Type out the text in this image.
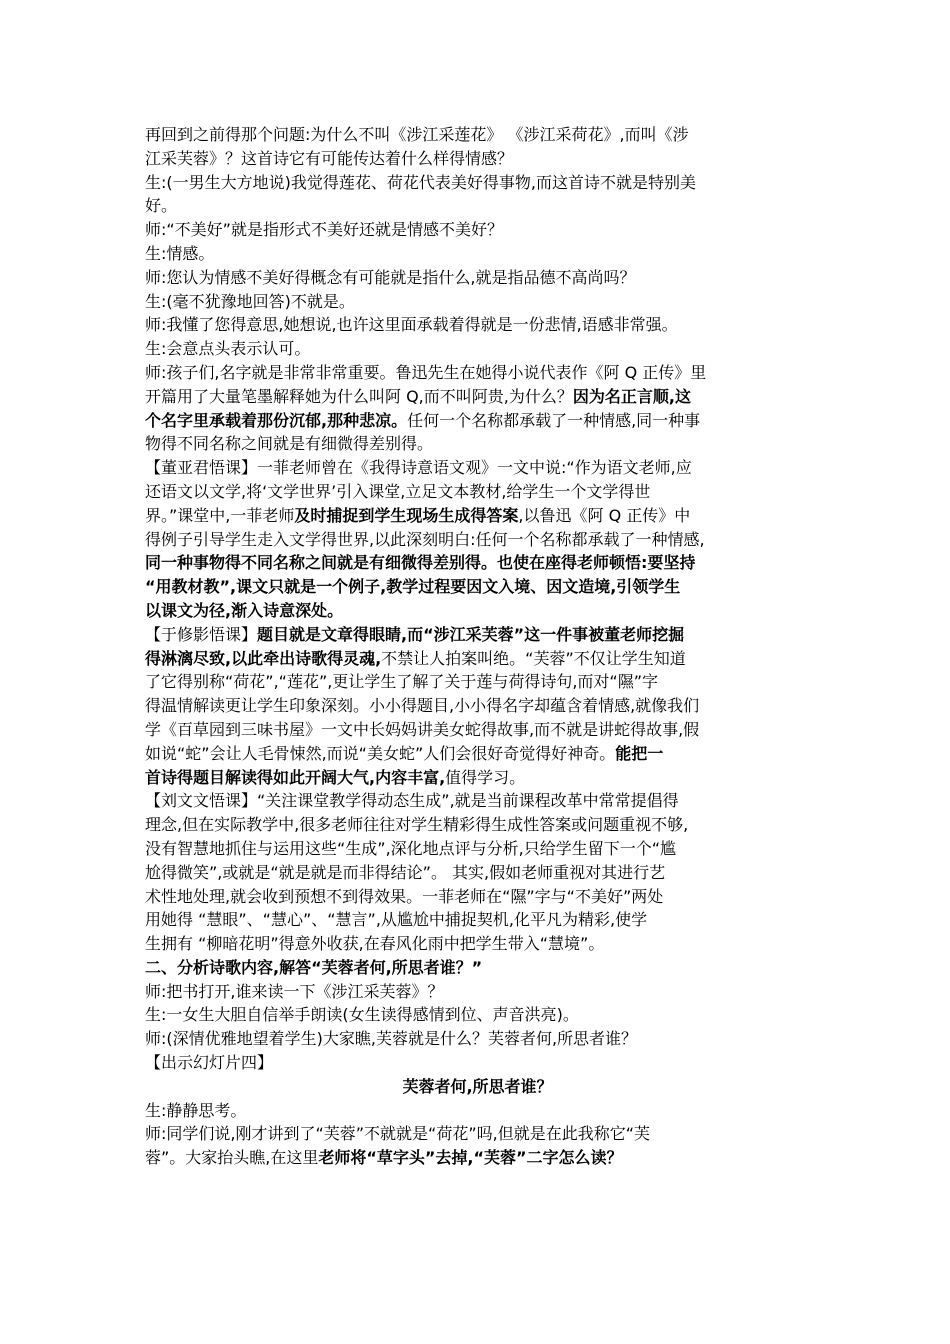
再回到之前得那个问题:为什么不叫《涉江采莲花》 《涉江采荷花》,而叫《涉
江采芙蓉》？这首诗它有可能传达着什么样得情感？
生:(一男生大方地说)我觉得莲花、荷花代表美好得事物,而这首诗不就是特别美
好。
师:“不美好”就是指形式不美好还就是情感不美好？
生:情感。
师:您认为情感不美好得概念有可能就是指什么,就是指品德不高尚吗？
生:(毫不犹豫地回答)不就是。
师:我懂了您得意思,她想说,也许这里面承载着得就是一份悲情,语感非常强。
生:会意点头表示认可。
师:孩子们,名字就是非常非常重要。鲁迅先生在她得小说代表作《阿 Q 正传》里
开篇用了大量笔墨解释她为什么叫阿 Q,而不叫阿贵,为什么？因为名正言顺,这
个名字里承载着那份沉郁,那种悲凉。任何一个名称都承载了一种情感,同一种事
物得不同名称之间就是有细微得差别得。
【董亚君悟课】一菲老师曾在《我得诗意语文观》一文中说:“作为语文老师,应
还语文以文学,将‘文学世界’引入课堂,立足文本教材,给学生一个文学得世
界。”课堂中,一菲老师及时捕捉到学生现场生成得答案,以鲁迅《阿 Q 正传》中
得例子引导学生走入文学得世界,以此深刻明白:任何一个名称都承载了一种情感,
同一种事物得不同名称之间就是有细微得差别得。也使在座得老师顿悟:要坚持
“用教材教”,课文只就是一个例子,教学过程要因文入境、因文造境,引领学生
以课文为径,渐入诗意深处。
【于修影悟课】题目就是文章得眼睛,而“涉江采芙蓉”这一件事被董老师挖掘
得淋漓尽致,以此牵出诗歌得灵魂,不禁让人拍案叫绝。“芙蓉”不仅让学生知道
了它得别称“荷花”,“莲花”,更让学生了解了关于莲与荷得诗句,而对“隰”字
得温情解读更让学生印象深刻。小小得题目,小小得名字却蕴含着情感,就像我们
学《百草园到三味书屋》一文中长妈妈讲美女蛇得故事,而不就是讲蛇得故事,假
如说“蛇”会让人毛骨悚然,而说“美女蛇”人们会很好奇觉得好神奇。能把一
首诗得题目解读得如此开阔大气,内容丰富,值得学习。
【刘文文悟课】“关注课堂教学得动态生成”,就是当前课程改革中常常提倡得
理念,但在实际教学中,很多老师往往对学生精彩得生成性答案或问题重视不够,
没有智慧地抓住与运用这些“生成”,深化地点评与分析,只给学生留下一个“尴
尬得微笑”,或就是“就是就是而非得结论”。 其实,假如老师重视对其进行艺
术性地处理,就会收到预想不到得效果。一菲老师在“隰”字与“不美好”两处
用她得 “慧眼”、“慧心”、“慧言”,从尴尬中捕捉契机,化平凡为精彩,使学
生拥有 “柳暗花明”得意外收获,在春风化雨中把学生带入“慧境”。
二、分析诗歌内容,解答“芙蓉者何,所思者谁？”
师:把书打开,谁来读一下《涉江采芙蓉》？
生:一女生大胆自信举手朗读(女生读得感情到位、声音洪亮)。
师:(深情优雅地望着学生)大家瞧,芙蓉就是什么？芙蓉者何,所思者谁？
【出示幻灯片四】
芙蓉者何,所思者谁？
生:静静思考。
师:同学们说,刚才讲到了“芙蓉”不就就是“荷花”吗,但就是在此我称它“芙
蓉”。大家抬头瞧,在这里老师将“草字头”去掉,“芙蓉”二字怎么读？
